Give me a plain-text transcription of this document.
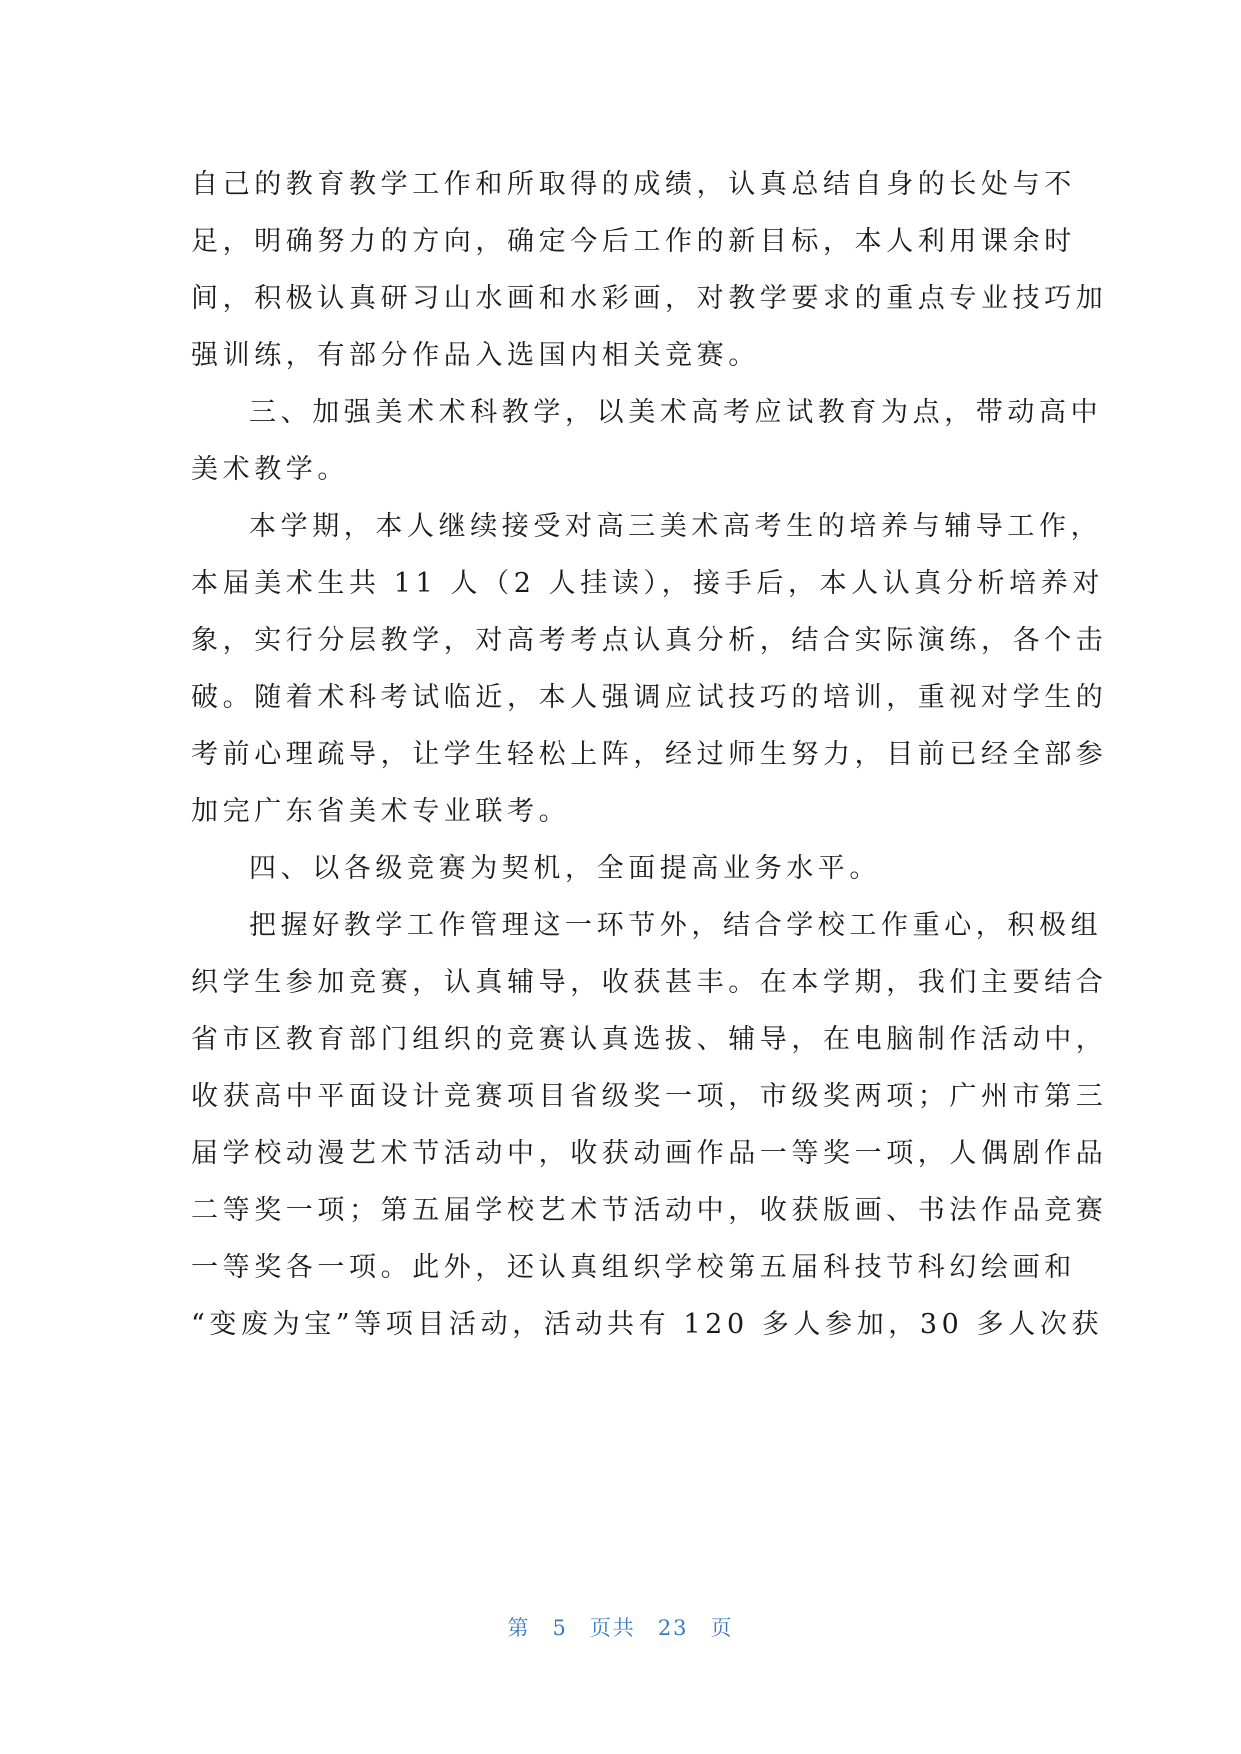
自己的教育教学工作和所取得的成绩，认真总结自身的长处与不
足，明确努力的方向，确定今后工作的新目标，本人利用课余时
间，积极认真研习山水画和水彩画，对教学要求的重点专业技巧加
强训练，有部分作品入选国内相关竞赛。
三、加强美术术科教学，以美术高考应试教育为点，带动高中
美术教学。
本学期，本人继续接受对高三美术高考生的培养与辅导工作，
本届美术生共 11 人（2 人挂读），接手后，本人认真分析培养对
象，实行分层教学，对高考考点认真分析，结合实际演练，各个击
破。随着术科考试临近，本人强调应试技巧的培训，重视对学生的
考前心理疏导，让学生轻松上阵，经过师生努力，目前已经全部参
加完广东省美术专业联考。
四、以各级竞赛为契机，全面提高业务水平。
把握好教学工作管理这一环节外，结合学校工作重心，积极组
织学生参加竞赛，认真辅导，收获甚丰。在本学期，我们主要结合
省市区教育部门组织的竞赛认真选拔、辅导，在电脑制作活动中，
收获高中平面设计竞赛项目省级奖一项，市级奖两项；广州市第三
届学校动漫艺术节活动中，收获动画作品一等奖一项，人偶剧作品
二等奖一项；第五届学校艺术节活动中，收获版画、书法作品竞赛
一等奖各一项。此外，还认真组织学校第五届科技节科幻绘画和
“变废为宝”等项目活动，活动共有 120 多人参加，30 多人次获
第 5 页共 23 页
